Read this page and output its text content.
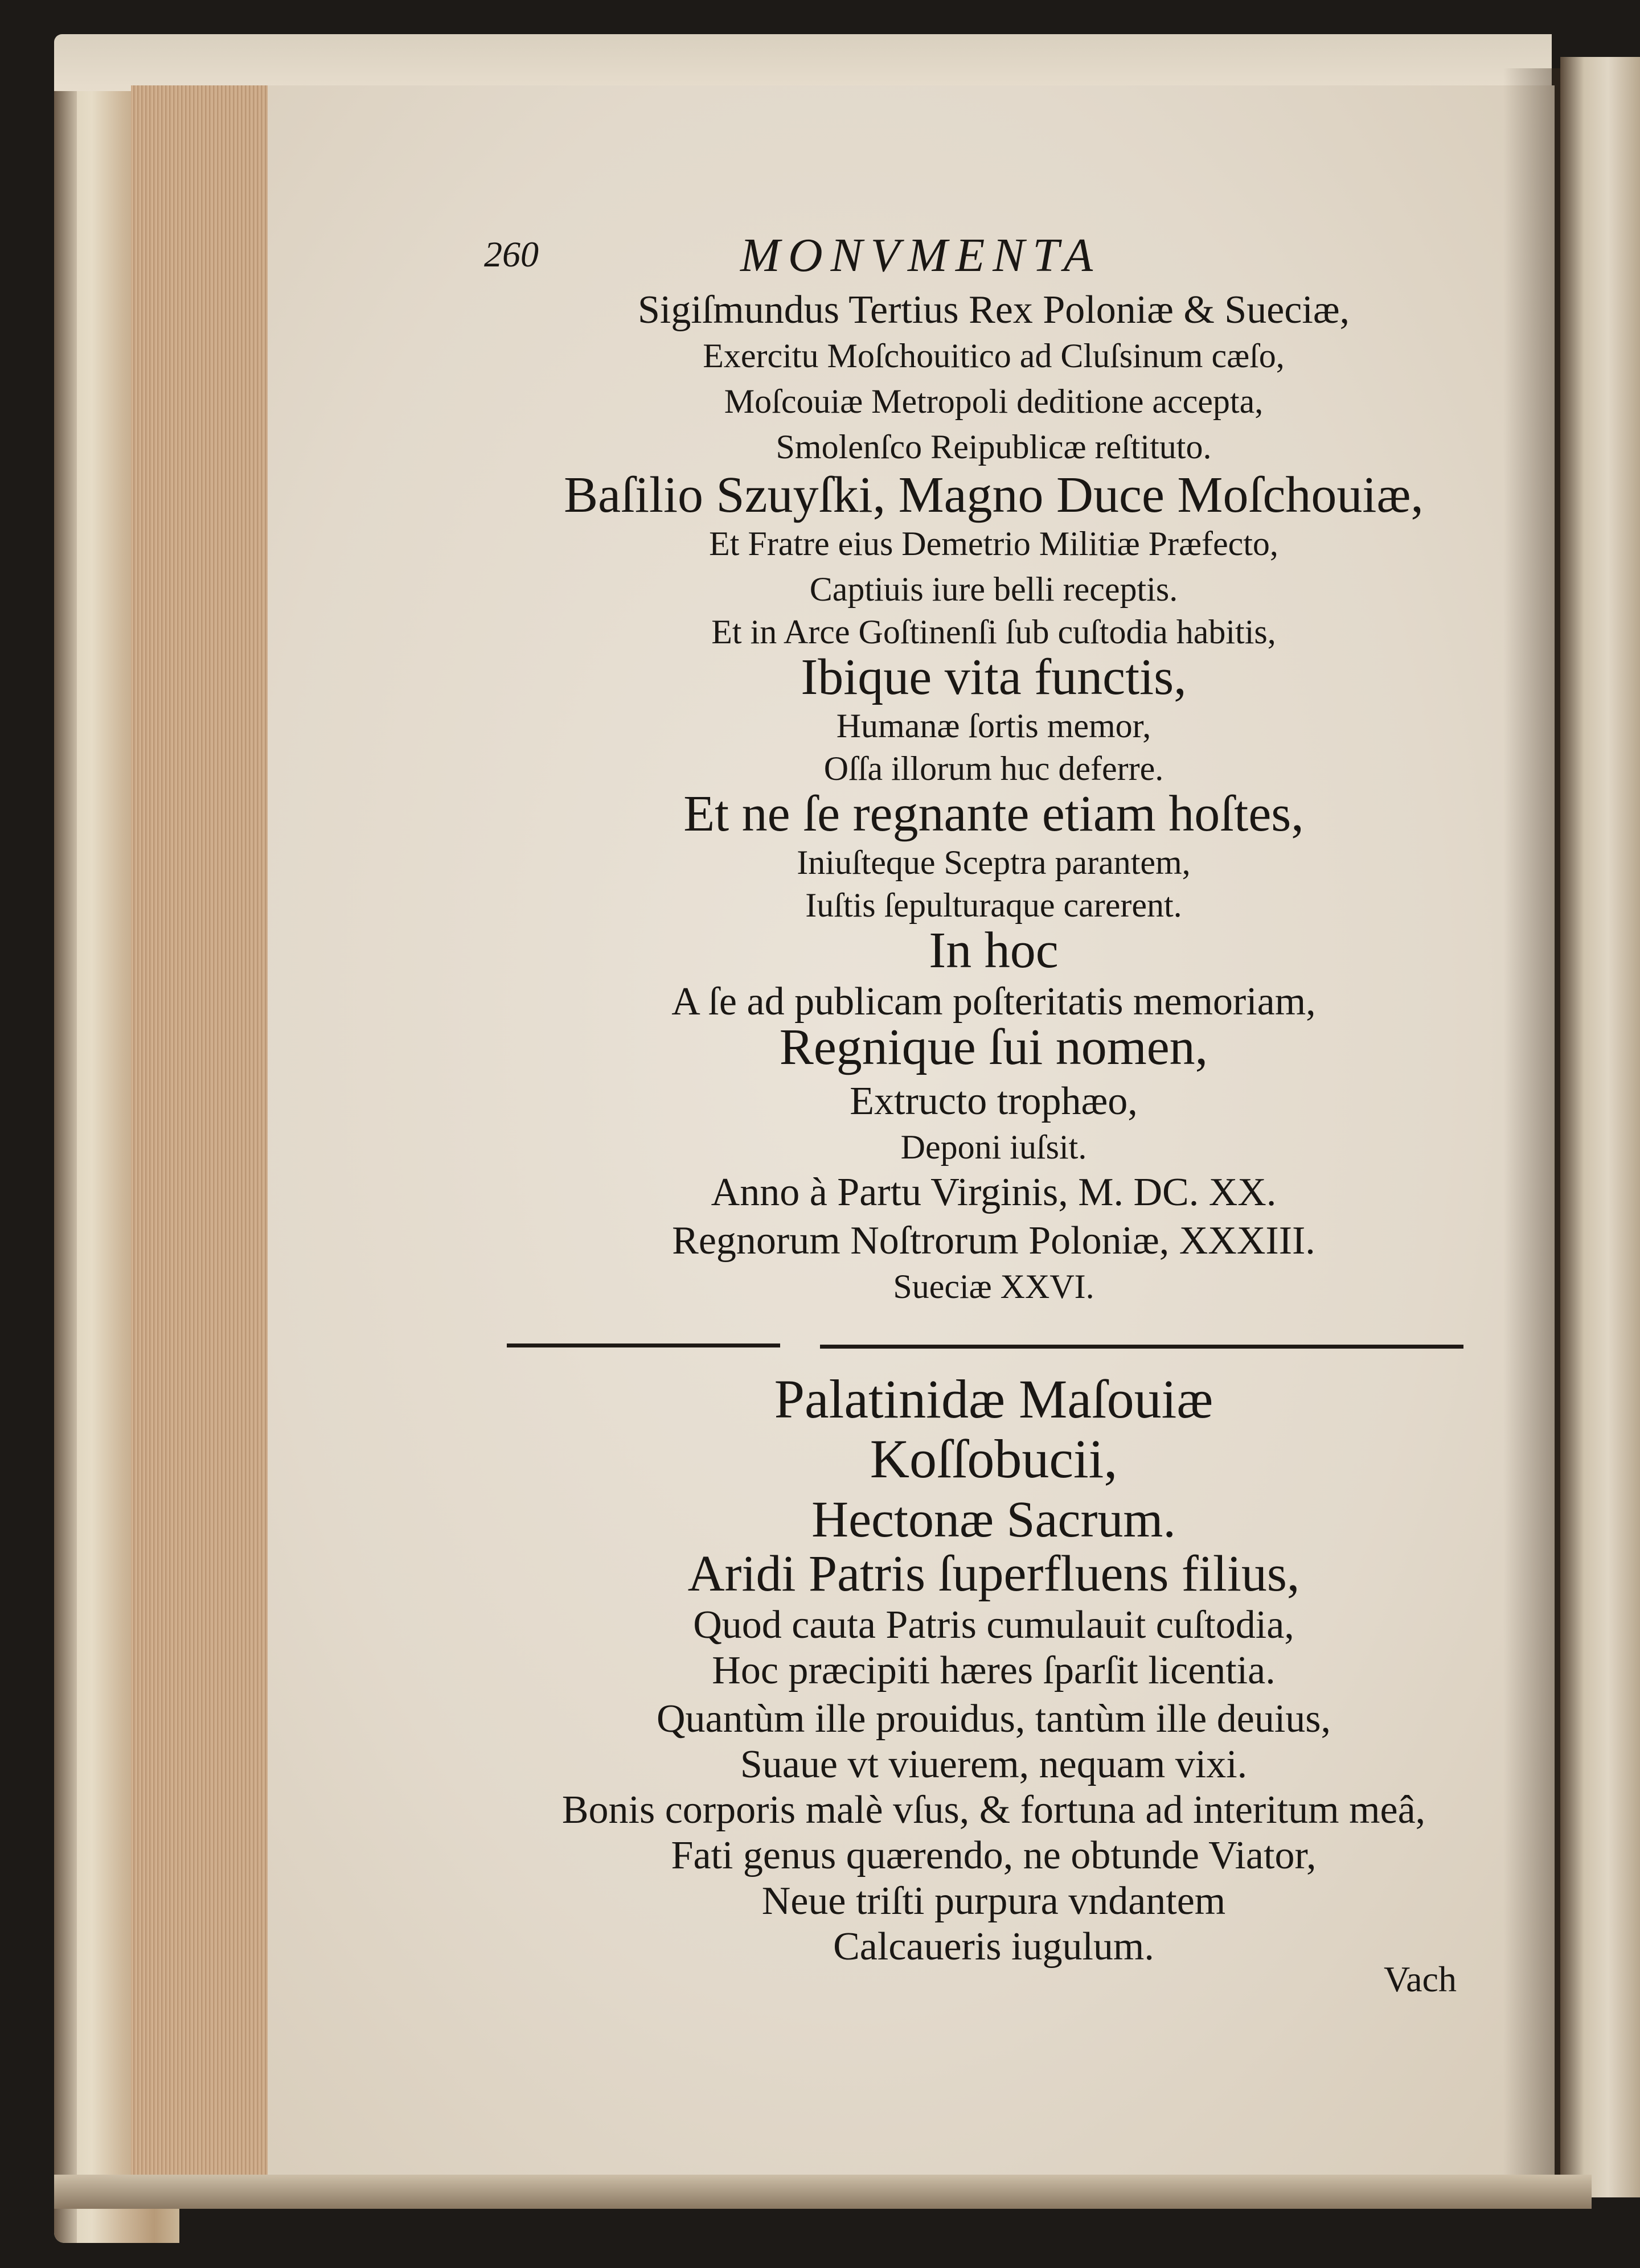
260	MONVMENTA
Sigiſmundus Tertius Rex Poloniæ & Sueciæ,
Exercitu Moſchouitico ad Cluſsinum cæſo,
Moſcouiæ Metropoli deditione accepta,
Smolenſco Reipublicæ reſtituto.
Baſilio Szuyſki, Magno Duce Moſchouiæ,
Et Fratre eius Demetrio Militiæ Præfecto,
Captiuis iure belli receptis.
Et in Arce Goſtinenſi ſub cuſtodia habitis,
Ibique vita functis,
Humanæ ſortis memor,
Oſſa illorum huc deferre.
Et ne ſe regnante etiam hoſtes,
Iniuſteque Sceptra parantem,
Iuſtis ſepulturaque carerent.
In hoc
A ſe ad publicam poſteritatis memoriam,
Regnique ſui nomen,
Extructo trophæo,
Deponi iuſsit.
Anno à Partu Virginis, M. DC. XX.
Regnorum Noſtrorum Poloniæ, XXXIII.
Sueciæ XXVI.
Palatinidæ Maſouiæ
Koſſobucii,
Hectonæ Sacrum.
Aridi Patris ſuperfluens filius,
Quod cauta Patris cumulauit cuſtodia,
Hoc præcipiti hæres ſparſit licentia.
Quantùm ille prouidus, tantùm ille deuius,
Suaue vt viuerem, nequam vixi.
Bonis corporis malè vſus, & fortuna ad interitum meâ,
Fati genus quærendo, ne obtunde Viator,
Neue triſti purpura vndantem
Calcaueris iugulum.
Vach
